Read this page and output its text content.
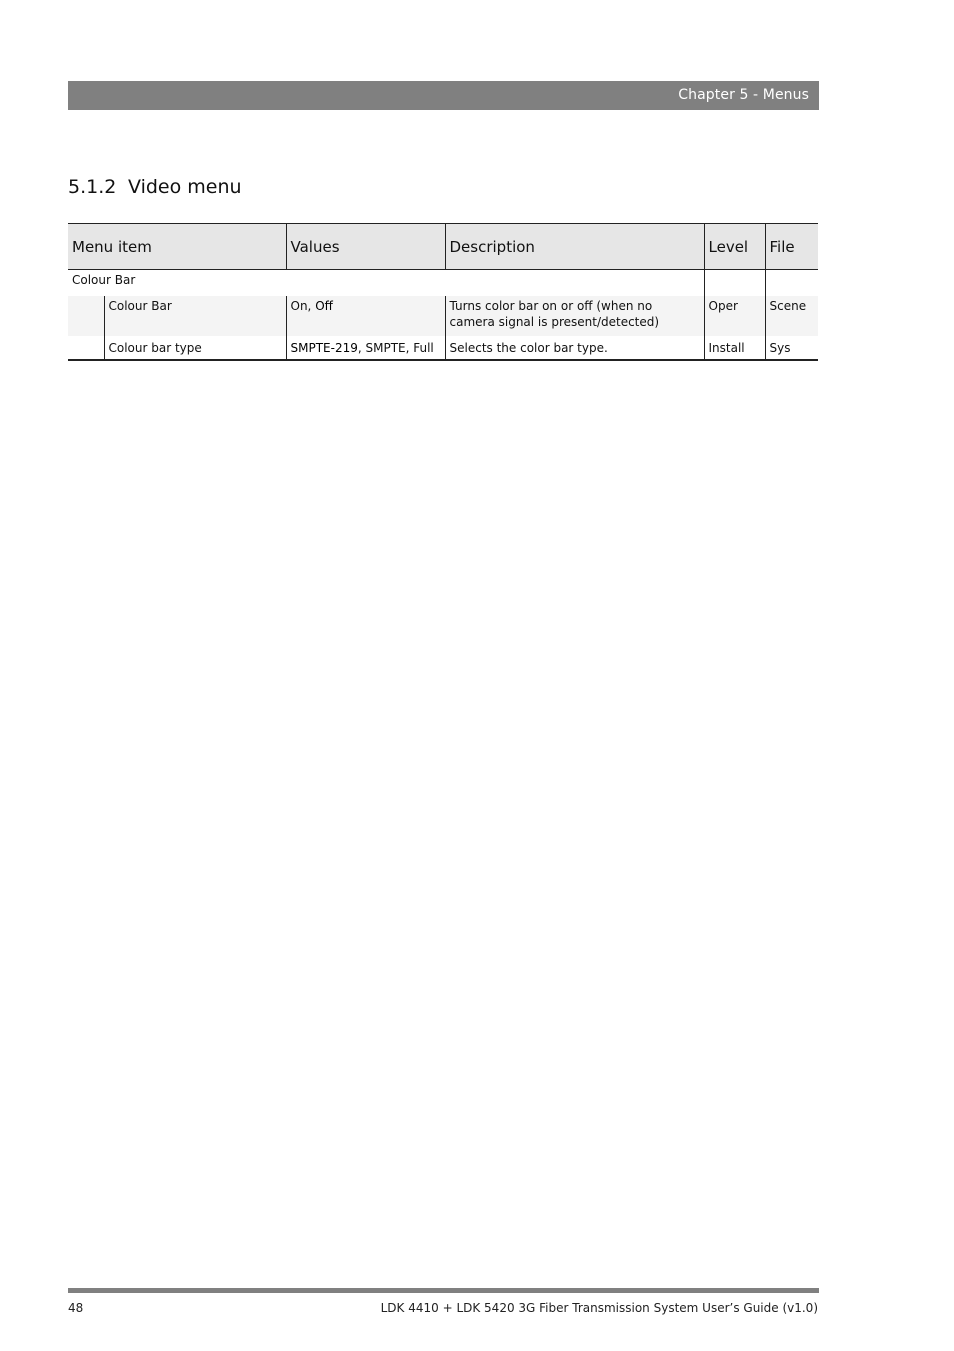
Chapter 5 - Menus
5.1.2 Video menu
Menu item		Values	Description	Level	File
Colour Bar					
	Colour Bar	On, Off	Turns color bar on or off (when no camera signal is present/detected)	Oper	Scene
	Colour bar type	SMPTE-219, SMPTE, Full	Selects the color bar type.	Install	Sys
48	LDK 4410 + LDK 5420 3G Fiber Transmission System User’s Guide (v1.0)
